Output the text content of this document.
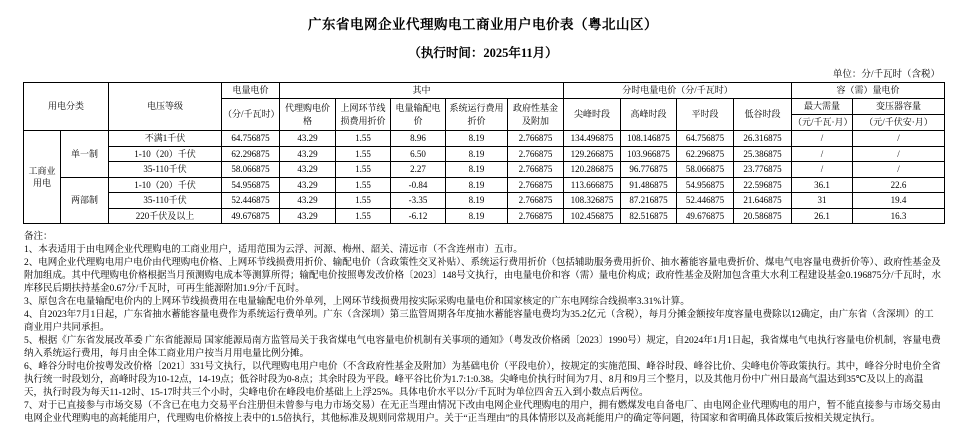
广东省电网企业代理购电工商业用户电价表（粤北山区）
（执行时间：2025年11月）
单位：分/千瓦时（含税）
用电分类		电压等级	电量电价	其中					分时电量电价（分/千瓦时）				容（需）量电价	
			（分/千瓦时）	代理购电价格	上网环节线损费用折价	电量输配电价	系统运行费用折价	政府性基金及附加	尖峰时段	高峰时段	平时段	低谷时段	最大需量	变压器容量
													（元/千瓦·月）	（元/千伏安·月）
工商业用电	单一制	不满1千伏	64.756875	43.29	1.55	8.96	8.19	2.766875	134.496875	108.146875	64.756875	26.316875	/	/
		1-10（20）千伏	62.296875	43.29	1.55	6.50	8.19	2.766875	129.266875	103.966875	62.296875	25.386875	/	/
		35-110千伏	58.066875	43.29	1.55	2.27	8.19	2.766875	120.286875	96.776875	58.066875	23.776875	/	/
	两部制	1-10（20）千伏	54.956875	43.29	1.55	-0.84	8.19	2.766875	113.666875	91.486875	54.956875	22.596875	36.1	22.6
		35-110千伏	52.446875	43.29	1.55	-3.35	8.19	2.766875	108.326875	87.216875	52.446875	21.646875	31	19.4
		220千伏及以上	49.676875	43.29	1.55	-6.12	8.19	2.766875	102.456875	82.516875	49.676875	20.586875	26.1	16.3

备注：

1、本表适用于由电网企业代理购电的工商业用户，适用范围为云浮、河源、梅州、韶关、清远市（不含连州市）五市。

2、电网企业代理购电用户电价由代理购电价格、上网环节线损费用折价、输配电价（含政策性交叉补贴）、系统运行费用折价（包括辅助服务费用折价、抽水蓄能容量电费折价、煤电气电容量电费折价等）、政府性基金及附加组成。其中代理购电价格根据当月预测购电成本等测算所得；输配电价按照粤发改价格〔2023〕148号文执行，由电量电价和容（需）量电价构成；政府性基金及附加包含重大水利工程建设基金0.196875分/千瓦时，水库移民后期扶持基金0.67分/千瓦时，可再生能源附加1.9分/千瓦时。

3、原包含在电量输配电价内的上网环节线损费用在电量输配电价外单列，上网环节线损费用按实际采购电量电价和国家核定的广东电网综合线损率3.31%计算。

4、自2023年7月1日起，广东省抽水蓄能容量电费作为系统运行费单列。广东（含深圳）第三监管周期各年度抽水蓄能容量电费均为35.2亿元（含税），每月分摊金额按年度容量电费除以12确定，由广东省（含深圳）的工商业用户共同承担。

5、根据《广东省发展改革委 广东省能源局 国家能源局南方监管局关于我省煤电气电容量电价机制有关事项的通知》（粤发改价格函〔2023〕1990号）规定，自2024年1月1日起，我省煤电气电执行容量电价机制，容量电费纳入系统运行费用，每月由全体工商业用户按当月用电量比例分摊。

6、峰谷分时电价按粤发改价格〔2021〕331号文执行，以代理购电用户电价（不含政府性基金及附加）为基础电价（平段电价），按规定的实施范围、峰谷时段、峰谷比价、尖峰电价等政策执行。其中，峰谷分时电价全省执行统一时段划分，高峰时段为10-12点，14-19点；低谷时段为0-8点；其余时段为平段。峰平谷比价为1.7:1:0.38。尖峰电价执行时间为7月、8月和9月三个整月，以及其他月份中广州日最高气温达到35℃及以上的高温天，执行时段为每天11-12时、15-17时共三个小时，尖峰电价在峰段电价基础上上浮25%。具体电价水平以分/千瓦时为单位四舍五入到小数点后两位。

7、对于已直接参与市场交易（不含已在电力交易平台注册但未曾参与电力市场交易）在无正当理由情况下改由电网企业代理购电的用户，拥有燃煤发电自备电厂、由电网企业代理购电的用户，暂不能直接参与市场交易由电网企业代理购电的高耗能用户，代理购电价格按上表中的1.5倍执行，其他标准及规则同常规用户。关于“正当理由”的具体情形以及高耗能用户的确定等问题，待国家和省明确具体政策后按相关规定执行。
